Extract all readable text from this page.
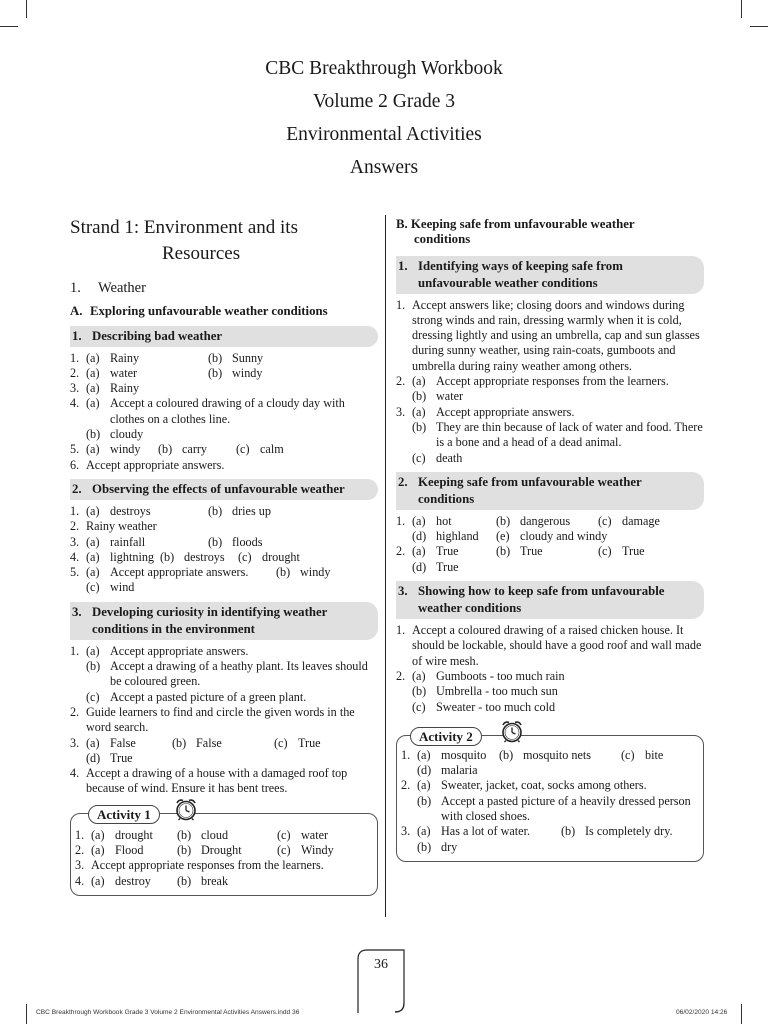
CBC Breakthrough Workbook
Volume 2 Grade 3
Environmental Activities
Answers
Strand 1: Environment and its
Resources
1. Weather
A. Exploring unfavourable weather conditions
1. Describing bad weather
1. (a) Rainy	(b) Sunny
2. (a) water	(b) windy
3. (a) Rainy
4. (a) Accept a coloured drawing of a cloudy day with clothes on a clothes line.
(b) cloudy
5. (a) windy	(b) carry	(c) calm
6. Accept appropriate answers.
2. Observing the effects of unfavourable weather
1. (a) destroys	(b) dries up
2. Rainy weather
3. (a) rainfall	(b) floods
4. (a) lightning (b) destroys	(c) drought
5. (a) Accept appropriate answers.	(b) windy
(c) wind
3. Developing curiosity in identifying weather
conditions in the environment
1. (a) Accept appropriate answers.
(b) Accept a drawing of a heathy plant. Its leaves should be coloured green.
(c) Accept a pasted picture of a green plant.
2. Guide learners to find and circle the given words in the word search.
3. (a) False	(b) False	(c) True
(d) True
4. Accept a drawing of a house with a damaged roof top because of wind. Ensure it has bent trees.
1. (a) drought	(b) cloud	(c) water
2. (a) Flood	(b) Drought	(c) Windy
3. Accept appropriate responses from the learners.
4. (a) destroy	(b) break
Activity 1
B. Keeping safe from unfavourable weather
conditions
1. Identifying ways of keeping safe from
unfavourable weather conditions
1. Accept answers like; closing doors and windows during strong winds and rain, dressing warmly when it is cold, dressing lightly and using an umbrella, cap and sun glasses during sunny weather, using rain-coats, gumboots and umbrella during rainy weather among others.
2. (a) Accept appropriate responses from the learners.
(b) water
3. (a) Accept appropriate answers.
(b) They are thin because of lack of water and food. There is a bone and a head of a dead animal.
(c) death
2. Keeping safe from unfavourable weather
conditions
1. (a) hot	(b) dangerous	(c) damage
(d) highland	(e) cloudy and windy
2. (a) True	(b) True	(c) True
(d) True
3. Showing how to keep safe from unfavourable
weather conditions
1. Accept a coloured drawing of a raised chicken house. It should be lockable, should have a good roof and wall made of wire mesh.
2. (a) Gumboots - too much rain
(b) Umbrella - too much sun
(c) Sweater - too much cold
1. (a) mosquito	(b) mosquito nets	(c) bite
(d) malaria
2. (a) Sweater, jacket, coat, socks among others.
(b) Accept a pasted picture of a heavily dressed person with closed shoes.
3. (a) Has a lot of water.	(b) Is completely dry.
(b) dry
Activity 2
36
CBC Breakthrough Workbook Grade 3 Volume 2 Environmental Activities Answers.indd 36	06/02/2020 14:26
